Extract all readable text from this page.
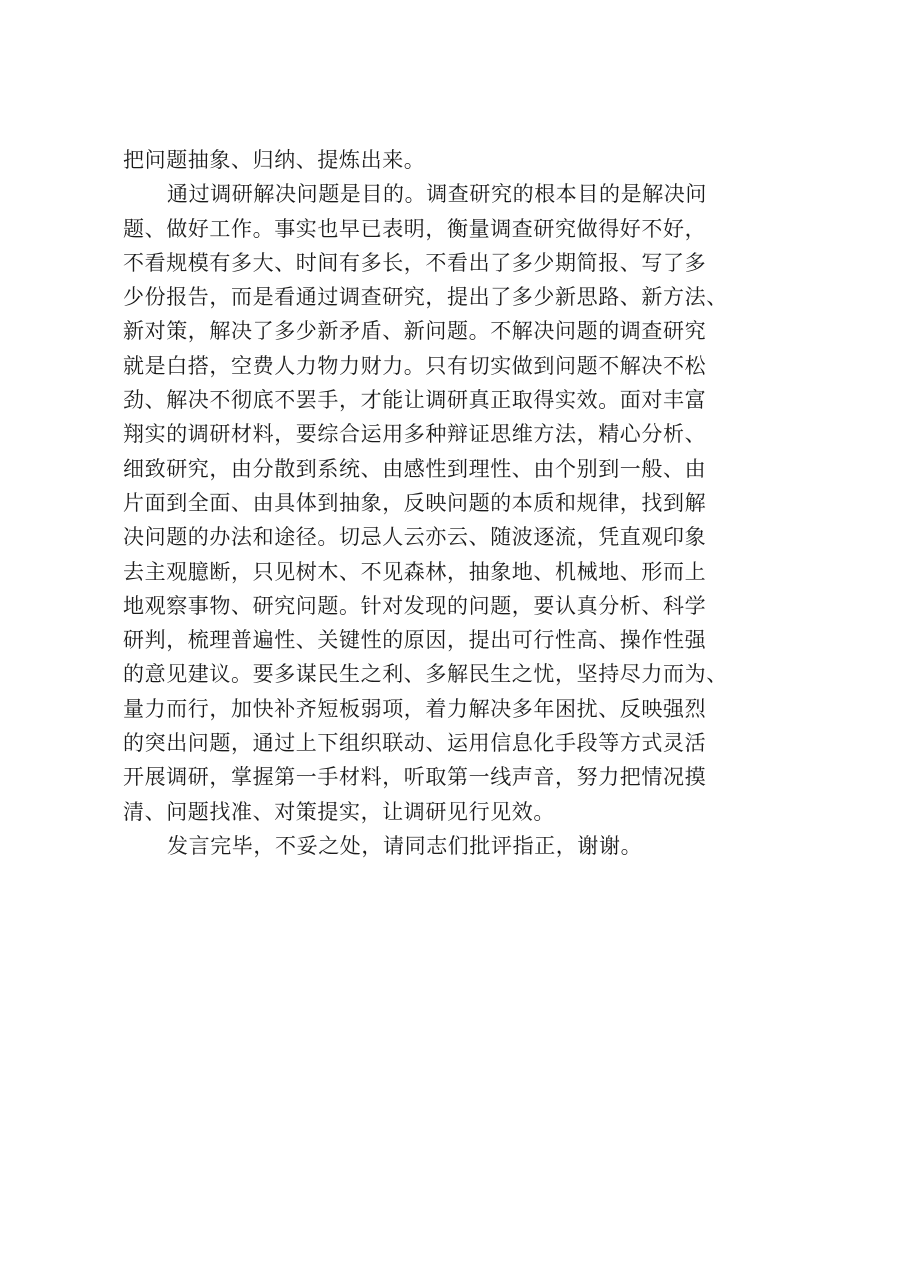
把问题抽象、归纳、提炼出来。
通过调研解决问题是目的。调查研究的根本目的是解决问
题、做好工作。事实也早已表明，衡量调查研究做得好不好，
不看规模有多大、时间有多长，不看出了多少期简报、写了多
少份报告，而是看通过调查研究，提出了多少新思路、新方法、
新对策，解决了多少新矛盾、新问题。不解决问题的调查研究
就是白搭，空费人力物力财力。只有切实做到问题不解决不松
劲、解决不彻底不罢手，才能让调研真正取得实效。面对丰富
翔实的调研材料，要综合运用多种辩证思维方法，精心分析、
细致研究，由分散到系统、由感性到理性、由个别到一般、由
片面到全面、由具体到抽象，反映问题的本质和规律，找到解
决问题的办法和途径。切忌人云亦云、随波逐流，凭直观印象
去主观臆断，只见树木、不见森林，抽象地、机械地、形而上
地观察事物、研究问题。针对发现的问题，要认真分析、科学
研判，梳理普遍性、关键性的原因，提出可行性高、操作性强
的意见建议。要多谋民生之利、多解民生之忧，坚持尽力而为、
量力而行，加快补齐短板弱项，着力解决多年困扰、反映强烈
的突出问题，通过上下组织联动、运用信息化手段等方式灵活
开展调研，掌握第一手材料，听取第一线声音，努力把情况摸
清、问题找准、对策提实，让调研见行见效。
发言完毕，不妥之处，请同志们批评指正，谢谢。
